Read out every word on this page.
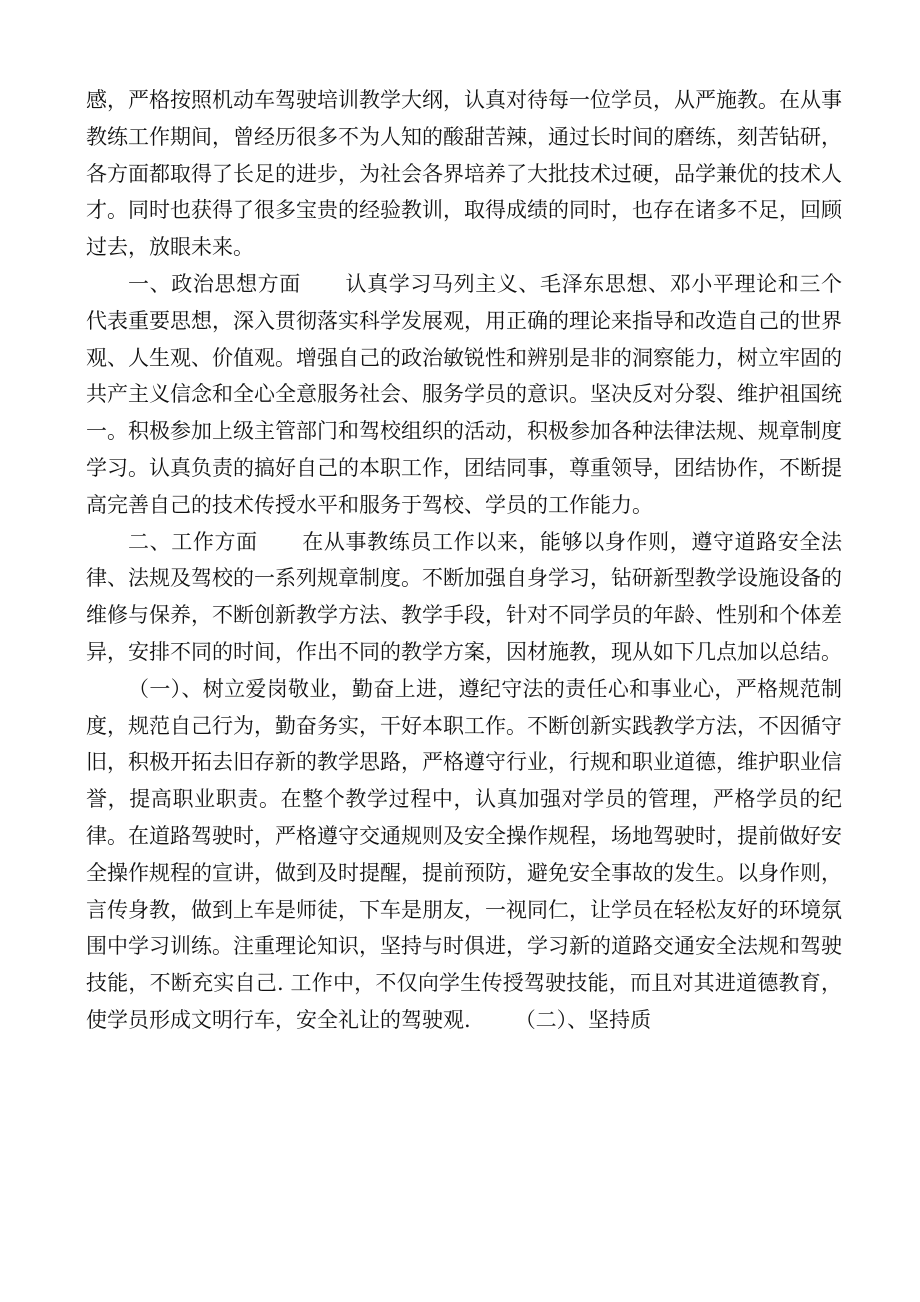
感，严格按照机动车驾驶培训教学大纲，认真对待每一位学员，从严施教。在从事教练工作期间，曾经历很多不为人知的酸甜苦辣，通过长时间的磨练，刻苦钻研，各方面都取得了长足的进步，为社会各界培养了大批技术过硬，品学兼优的技术人才。同时也获得了很多宝贵的经验教训，取得成绩的同时，也存在诸多不足，回顾过去，放眼未来。

一、政治思想方面 认真学习马列主义、毛泽东思想、邓小平理论和三个代表重要思想，深入贯彻落实科学发展观，用正确的理论来指导和改造自己的世界观、人生观、价值观。增强自己的政治敏锐性和辨别是非的洞察能力，树立牢固的共产主义信念和全心全意服务社会、服务学员的意识。坚决反对分裂、维护祖国统一。积极参加上级主管部门和驾校组织的活动，积极参加各种法律法规、规章制度学习。认真负责的搞好自己的本职工作，团结同事，尊重领导，团结协作，不断提高完善自己的技术传授水平和服务于驾校、学员的工作能力。

二、工作方面 在从事教练员工作以来，能够以身作则，遵守道路安全法律、法规及驾校的一系列规章制度。不断加强自身学习，钻研新型教学设施设备的维修与保养，不断创新教学方法、教学手段，针对不同学员的年龄、性别和个体差异，安排不同的时间，作出不同的教学方案，因材施教，现从如下几点加以总结。

（一）、树立爱岗敬业，勤奋上进，遵纪守法的责任心和事业心，严格规范制度，规范自己行为，勤奋务实，干好本职工作。不断创新实践教学方法，不因循守旧，积极开拓去旧存新的教学思路，严格遵守行业，行规和职业道德，维护职业信誉，提高职业职责。在整个教学过程中，认真加强对学员的管理，严格学员的纪律。在道路驾驶时，严格遵守交通规则及安全操作规程，场地驾驶时，提前做好安全操作规程的宣讲，做到及时提醒，提前预防，避免安全事故的发生。以身作则，言传身教，做到上车是师徒，下车是朋友，一视同仁，让学员在轻松友好的环境氛围中学习训练。注重理论知识，坚持与时俱进，学习新的道路交通安全法规和驾驶技能，不断充实自己. 工作中，不仅向学生传授驾驶技能，而且对其进道德教育，使学员形成文明行车，安全礼让的驾驶观. （二）、坚持质
